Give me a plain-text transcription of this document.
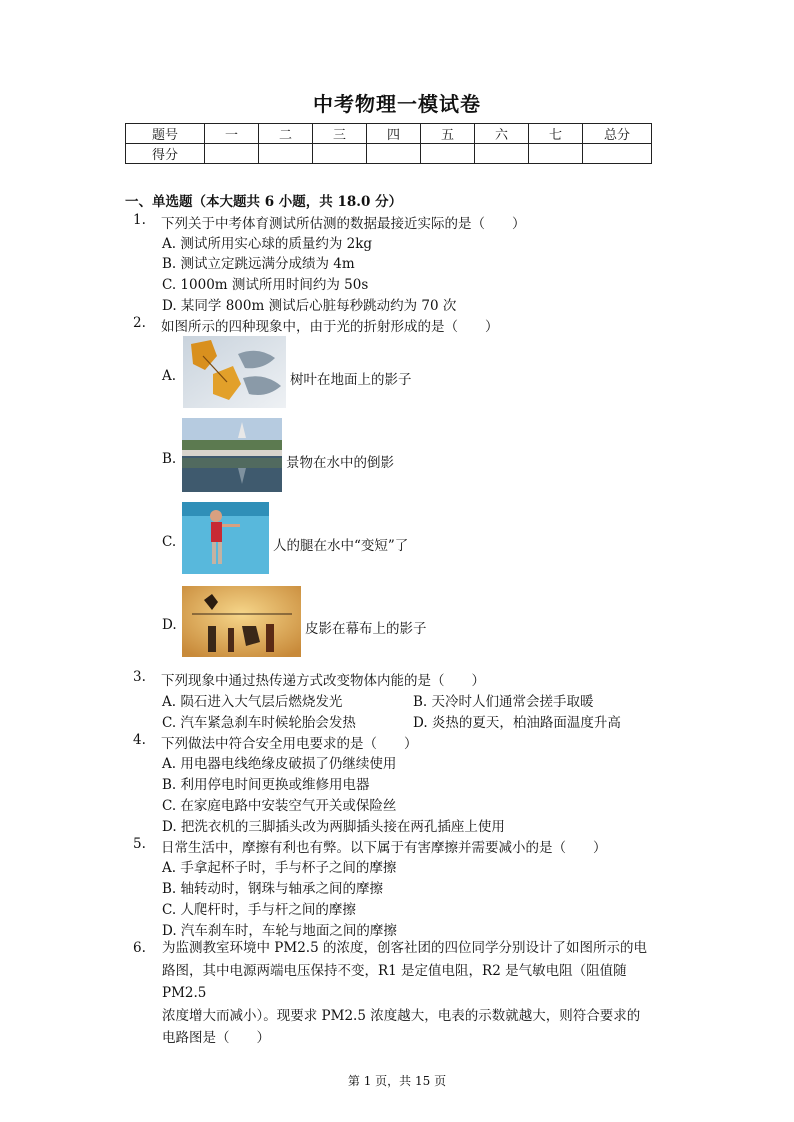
中考物理一模试卷
题号	一	二	三	四	五	六	七	总分
得分								
一、单选题（本大题共 6 小题，共 18.0 分）
1.	下列关于中考体育测试所估测的数据最接近实际的是（　　）
A. 测试所用实心球的质量约为 2kg
B. 测试立定跳远满分成绩为 4m
C. 1000m 测试所用时间约为 50s
D. 某同学 800m 测试后心脏每秒跳动约为 70 次
2.	如图所示的四种现象中，由于光的折射形成的是（　　）
A.	树叶在地面上的影子
B.	景物在水中的倒影
C.	人的腿在水中“变短”了
D.	皮影在幕布上的影子
3.	下列现象中通过热传递方式改变物体内能的是（　　）
A. 陨石进入大气层后燃烧发光	B. 天冷时人们通常会搓手取暖
C. 汽车紧急刹车时候轮胎会发热	D. 炎热的夏天，柏油路面温度升高
4.	下列做法中符合安全用电要求的是（　　）
A. 用电器电线绝缘皮破损了仍继续使用
B. 利用停电时间更换或维修用电器
C. 在家庭电路中安装空气开关或保险丝
D. 把洗衣机的三脚插头改为两脚插头接在两孔插座上使用
5.	日常生活中，摩擦有利也有弊。以下属于有害摩擦并需要减小的是（　　）
A. 手拿起杯子时，手与杯子之间的摩擦
B. 轴转动时，钢珠与轴承之间的摩擦
C. 人爬杆时，手与杆之间的摩擦
D. 汽车刹车时，车轮与地面之间的摩擦
6.	为监测教室环境中 PM2.5 的浓度，创客社团的四位同学分别设计了如图所示的电
路图，其中电源两端电压保持不变，R1 是定值电阻，R2 是气敏电阻（阻值随 PM2.5
浓度增大而减小）。现要求 PM2.5 浓度越大，电表的示数就越大，则符合要求的
电路图是（　　）
第 1 页，共 15 页
